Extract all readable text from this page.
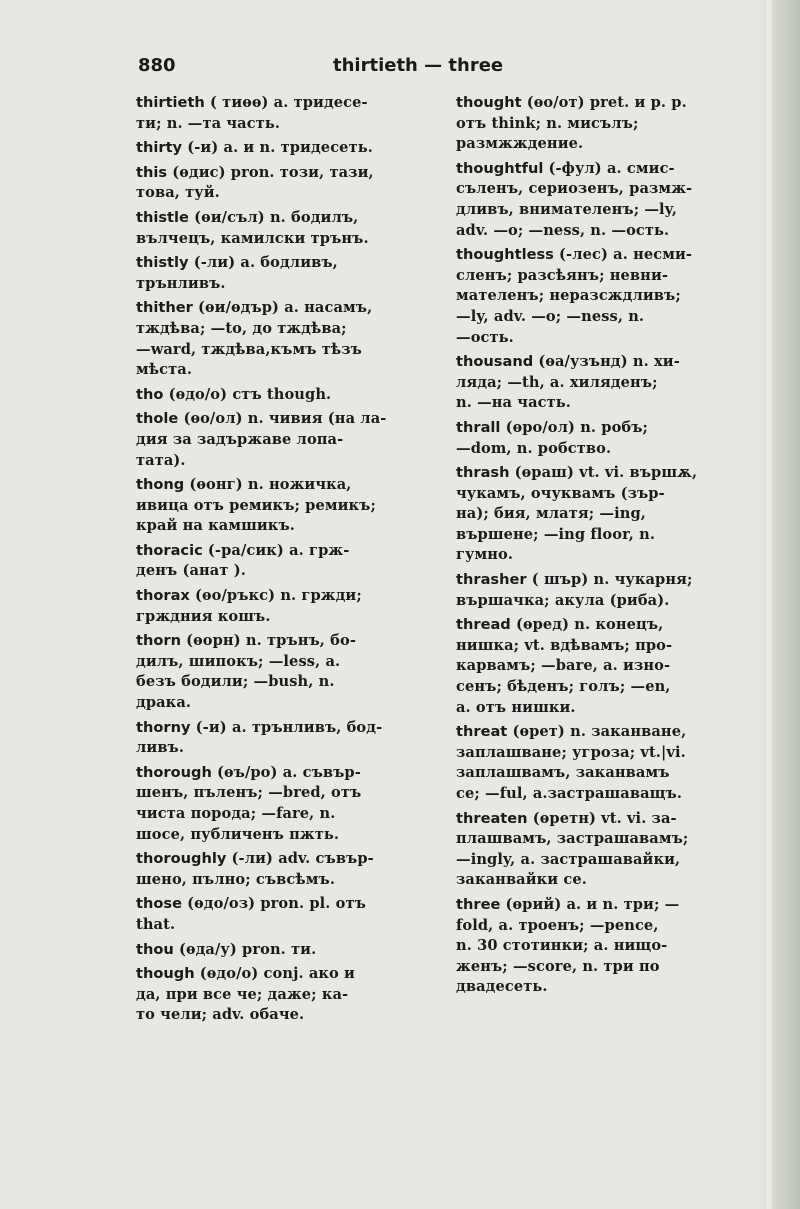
880	thirtieth — three
thirtieth ( тиѳѳ) a. тридесе-
ти; n. —та часть.
thirty (-и) a. и n. тридесеть.
this (ѳдис) pron. този, тази,
това, туй.
thistle (ѳи/съл) n. бодилъ,
вълчецъ, камилски трънъ.
thistly (-ли) a. бодливъ,
трънливъ.
thither (ѳи/ѳдър) a. насамъ,
тждѣва; —to, до тждѣва;
—ward, тждѣва,къмъ тѣзъ
мѣста.
tho (ѳдо/о) стъ though.
thole (ѳо/ол) n. чивия (на ла-
дия за задържаве лопа-
тата).
thong (ѳонг) n. ножичка,
ивица отъ ремикъ; ремикъ;
край на камшикъ.
thoracic (-ра/сик) a. грж-
денъ (анат ).
thorax (ѳо/ръкс) n. гржди;
грждния кошъ.
thorn (ѳорн) n. трънъ, бо-
дилъ, шипокъ; —less, a.
безъ бодили; —bush, n.
драка.
thorny (-и) a. трънливъ, бод-
ливъ.
thorough (ѳъ/ро) a. съвър-
шенъ, пъленъ; —bred, отъ
чиста порода; —fare, n.
шосе, публиченъ пжть.
thoroughly (-ли) adv. съвър-
шено, пълно; съвсѣмъ.
those (ѳдо/оз) pron. pl. отъ
that.
thou (ѳда/у) pron. ти.
though (ѳдо/о) conj. ако и
да, при все че; даже; ка-
то чели; adv. обаче.
thought (ѳо/от) pret. и p. p.
отъ think; n. мисълъ;
размжждение.
thoughtful (-фул) a. смис-
съленъ, сериозенъ, размж-
дливъ, внимателенъ; —ly,
adv. —о; —ness, n. —ость.
thoughtless (-лес) a. несми-
сленъ; разсѣянъ; невни-
мателенъ; неразсждливъ;
—ly, adv. —о; —ness, n.
—ость.
thousand (ѳа/узънд) n. хи-
ляда; —th, a. хиляденъ;
n. —на часть.
thrall (ѳро/ол) n. робъ;
—dom, n. робство.
thrash (ѳраш) vt. vi. вършѫ,
чукамъ, очуквамъ (зър-
на); бия, млатя; —ing,
вършене; —ing floor, n.
гумно.
thrasher ( шър) n. чукарня;
вършачка; акула (риба).
thread (ѳред) n. конецъ,
нишка; vt. вдѣвамъ; про-
карвамъ; —bare, a. изно-
сенъ; бѣденъ; голъ; —en,
a. отъ нишки.
threat (ѳрет) n. заканване,
заплашване; угроза; vt.|vi.
заплашвамъ, заканвамъ
се; —ful, a.застрашаващъ.
threaten (ѳретн) vt. vi. за-
плашвамъ, застрашавамъ;
—ingly, a. застрашавайки,
заканвайки се.
three (ѳрий) a. и n. три; —
fold, a. троенъ; —pence,
n. 30 стотинки; a. нищо-
женъ; —score, n. три по
двадесеть.
